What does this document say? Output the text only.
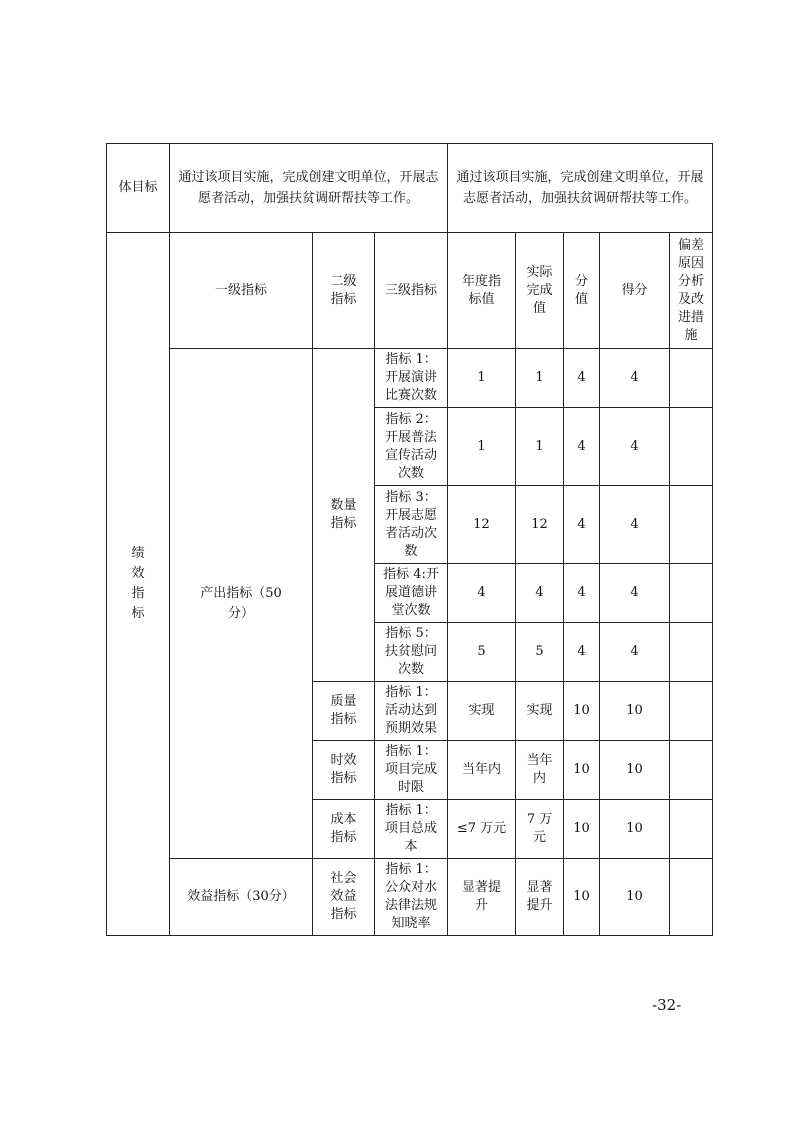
体目标	通过该项目实施，完成创建文明单位，开展志愿者活动，加强扶贫调研帮扶等工作。			通过该项目实施，完成创建文明单位，开展志愿者活动，加强扶贫调研帮扶等工作。				

绩效指标	一级指标	二级指标	三级指标	年度指标值	实际完成值	分值	得分	偏差原因分析及改进措施

	产出指标（50分）	数量指标	指标 1：开展演讲比赛次数	1	1	4	4	

			指标 2：开展普法宣传活动次数	1	1	4	4	

			指标 3：开展志愿者活动次数	12	12	4	4	

			指标 4:开展道德讲堂次数	4	4	4	4	

			指标 5：扶贫慰问次数	5	5	4	4	

		质量指标	指标 1：活动达到预期效果	实现	实现	10	10	

		时效指标	指标 1：项目完成时限	当年内	当年内	10	10	

		成本指标	指标 1：项目总成本	≤7 万元	7 万元	10	10	
	效益指标（30分）	社会效益指标	指标 1：公众对水法律法规知晓率	显著提升	显著提升	10	10	
-32-
